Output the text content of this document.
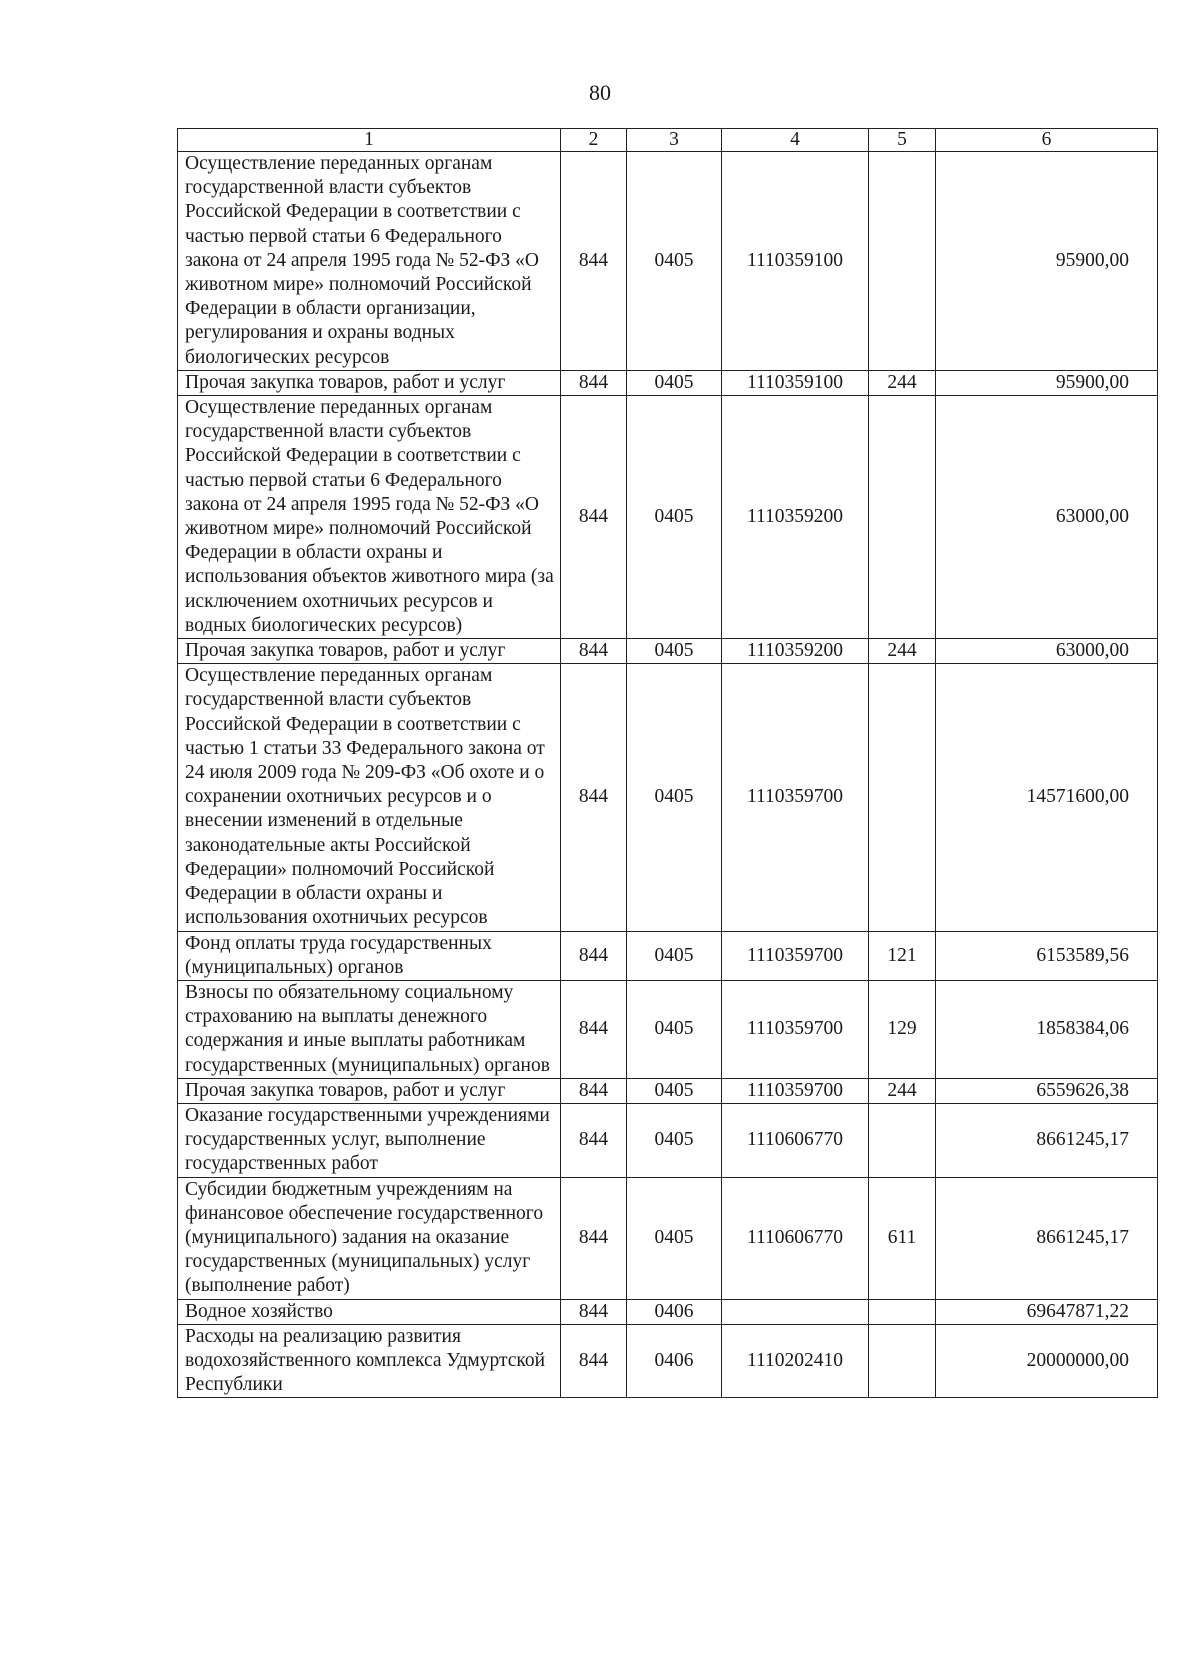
80
1	2	3	4	5	6
Осуществление переданных органам государственной власти субъектов Российской Федерации в соответствии с частью первой статьи 6 Федерального закона от 24 апреля 1995 года № 52-ФЗ «О животном мире» полномочий Российской Федерации в области организации, регулирования и охраны водных биологических ресурсов	844	0405	1110359100		95900,00
Прочая закупка товаров, работ и услуг	844	0405	1110359100	244	95900,00
Осуществление переданных органам государственной власти субъектов Российской Федерации в соответствии с частью первой статьи 6 Федерального закона от 24 апреля 1995 года № 52-ФЗ «О животном мире» полномочий Российской Федерации в области охраны и использования объектов животного мира (за исключением охотничьих ресурсов и водных биологических ресурсов)	844	0405	1110359200		63000,00
Прочая закупка товаров, работ и услуг	844	0405	1110359200	244	63000,00
Осуществление переданных органам государственной власти субъектов Российской Федерации в соответствии с частью 1 статьи 33 Федерального закона от 24 июля 2009 года № 209-ФЗ «Об охоте и о сохранении охотничьих ресурсов и о внесении изменений в отдельные законодательные акты Российской Федерации» полномочий Российской Федерации в области охраны и использования охотничьих ресурсов	844	0405	1110359700		14571600,00
Фонд оплаты труда государственных (муниципальных) органов	844	0405	1110359700	121	6153589,56
Взносы по обязательному социальному страхованию на выплаты денежного содержания и иные выплаты работникам государственных (муниципальных) органов	844	0405	1110359700	129	1858384,06
Прочая закупка товаров, работ и услуг	844	0405	1110359700	244	6559626,38
Оказание государственными учреждениями государственных услуг, выполнение государственных работ	844	0405	1110606770		8661245,17
Субсидии бюджетным учреждениям на финансовое обеспечение государственного (муниципального) задания на оказание государственных (муниципальных) услуг (выполнение работ)	844	0405	1110606770	611	8661245,17
Водное хозяйство	844	0406			69647871,22
Расходы на реализацию развития водохозяйственного комплекса Удмуртской Республики	844	0406	1110202410		20000000,00
